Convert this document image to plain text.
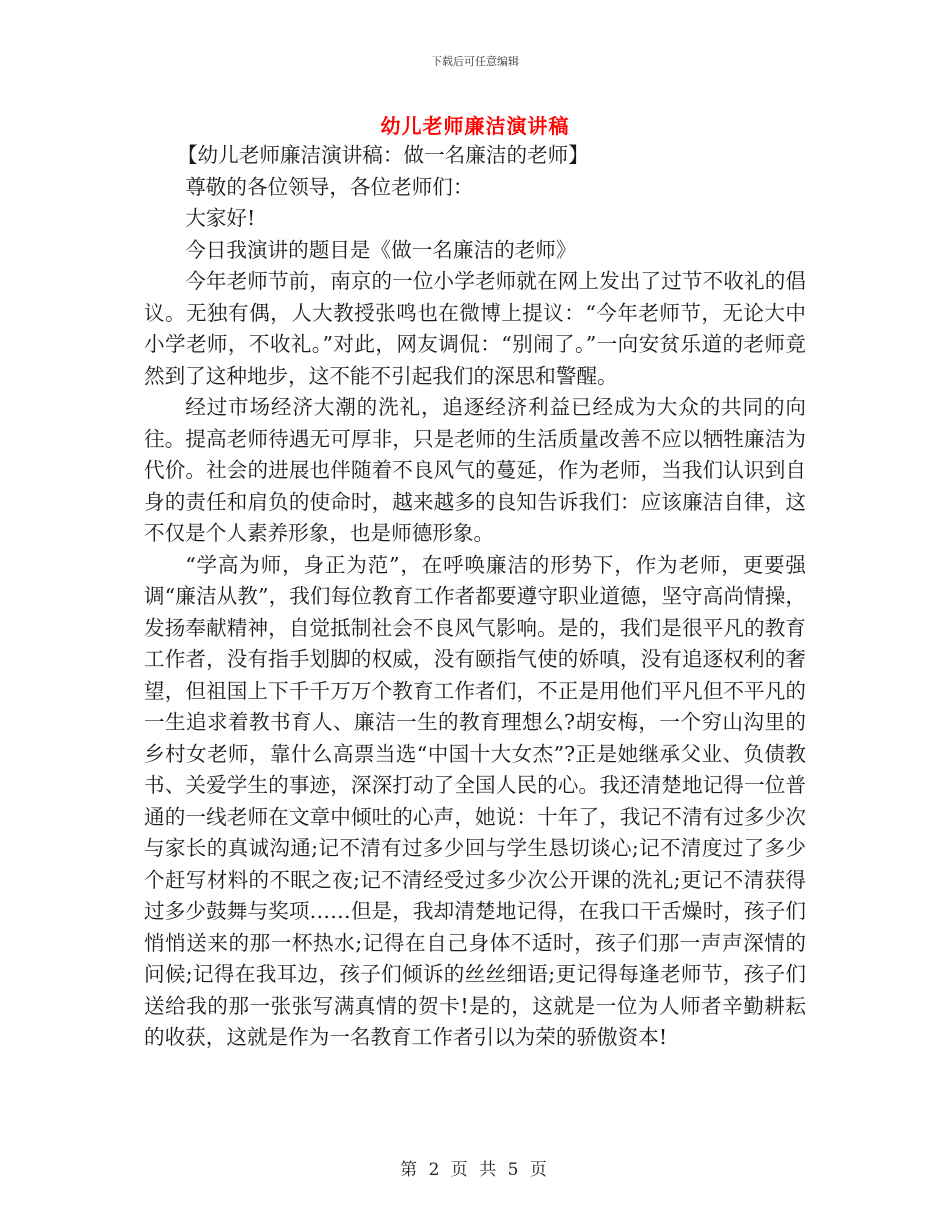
下载后可任意编辑
幼儿老师廉洁演讲稿

【幼儿老师廉洁演讲稿：做一名廉洁的老师】

尊敬的各位领导，各位老师们：

大家好!

今日我演讲的题目是《做一名廉洁的老师》

今年老师节前，南京的一位小学老师就在网上发出了过节不收礼的倡议。无独有偶，人大教授张鸣也在微博上提议：“今年老师节，无论大中小学老师，不收礼。”对此，网友调侃：“别闹了。”一向安贫乐道的老师竟然到了这种地步，这不能不引起我们的深思和警醒。

经过市场经济大潮的洗礼，追逐经济利益已经成为大众的共同的向往。提高老师待遇无可厚非，只是老师的生活质量改善不应以牺牲廉洁为代价。社会的进展也伴随着不良风气的蔓延，作为老师，当我们认识到自身的责任和肩负的使命时，越来越多的良知告诉我们：应该廉洁自律，这不仅是个人素养形象，也是师德形象。

“学高为师，身正为范”，在呼唤廉洁的形势下，作为老师，更要强调“廉洁从教”，我们每位教育工作者都要遵守职业道德，坚守高尚情操，发扬奉献精神，自觉抵制社会不良风气影响。是的，我们是很平凡的教育工作者，没有指手划脚的权威，没有颐指气使的娇嗔，没有追逐权利的奢望，但祖国上下千千万万个教育工作者们，不正是用他们平凡但不平凡的一生追求着教书育人、廉洁一生的教育理想么?胡安梅，一个穷山沟里的乡村女老师，靠什么高票当选“中国十大女杰”?正是她继承父业、负债教书、关爱学生的事迹，深深打动了全国人民的心。我还清楚地记得一位普通的一线老师在文章中倾吐的心声，她说：十年了，我记不清有过多少次与家长的真诚沟通;记不清有过多少回与学生恳切谈心;记不清度过了多少个赶写材料的不眠之夜;记不清经受过多少次公开课的洗礼;更记不清获得过多少鼓舞与奖项……但是，我却清楚地记得，在我口干舌燥时，孩子们悄悄送来的那一杯热水;记得在自己身体不适时，孩子们那一声声深情的问候;记得在我耳边，孩子们倾诉的丝丝细语;更记得每逢老师节，孩子们送给我的那一张张写满真情的贺卡!是的，这就是一位为人师者辛勤耕耘的收获，这就是作为一名教育工作者引以为荣的骄傲资本!

第 2 页 共 5 页
